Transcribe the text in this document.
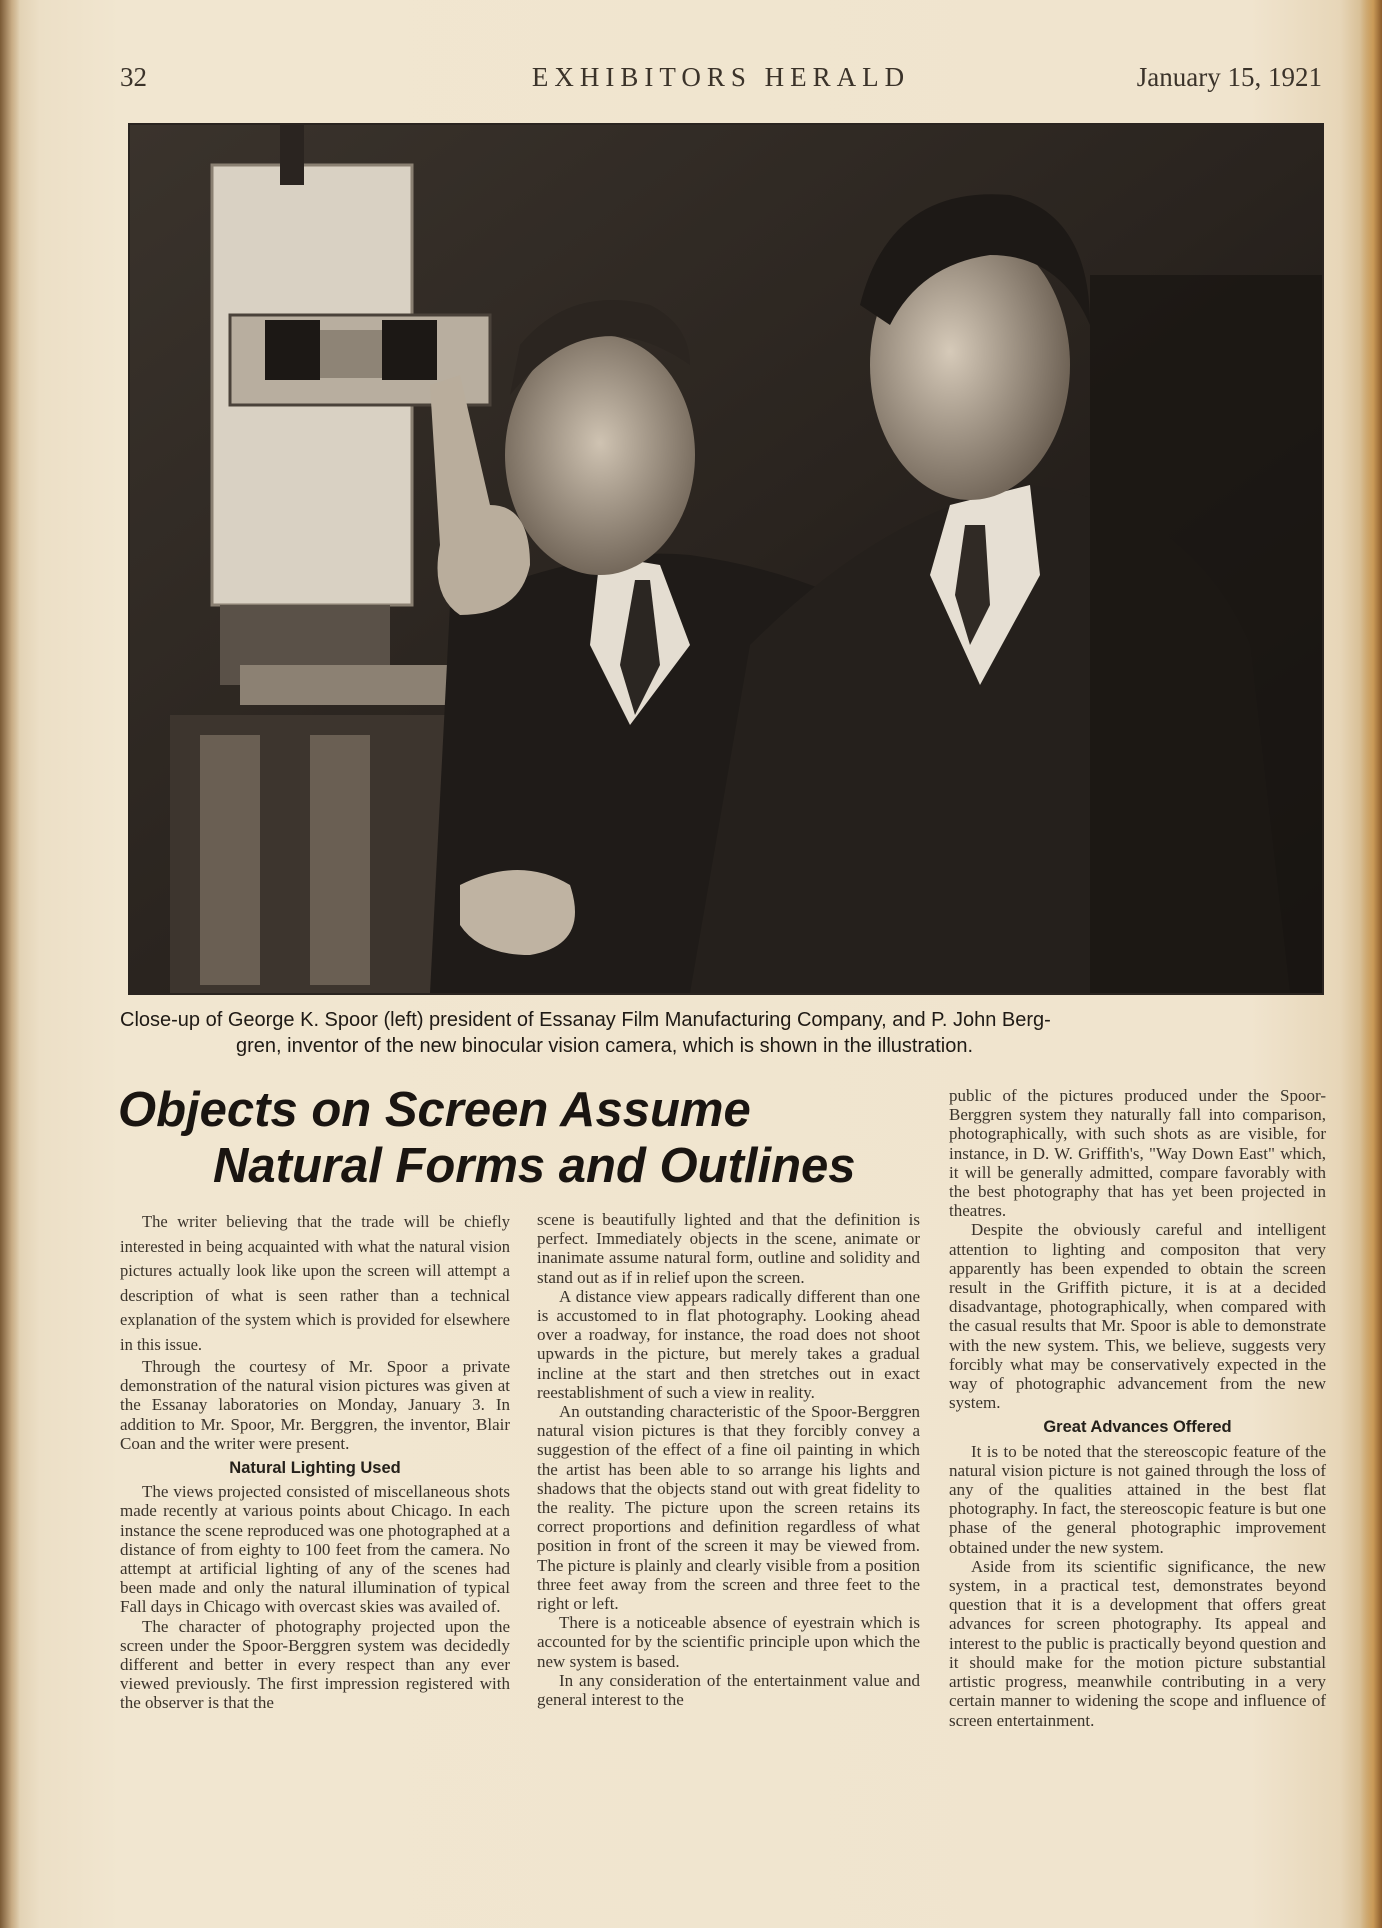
32	EXHIBITORS HERALD	January 15, 1921
Close-up of George K. Spoor (left) president of Essanay Film Manufacturing Company, and P. John Berg-
gren, inventor of the new binocular vision camera, which is shown in the illustration.
Objects on Screen Assume
Natural Forms and Outlines

The writer believing that the trade will be chiefly interested in being acquainted with what the natural vision pictures actually look like upon the screen will attempt a description of what is seen rather than a technical explanation of the system which is provided for elsewhere in this issue.

Through the courtesy of Mr. Spoor a private demonstration of the natural vision pictures was given at the Essanay laboratories on Monday, January 3. In addition to Mr. Spoor, Mr. Berggren, the inventor, Blair Coan and the writer were present.

Natural Lighting Used

The views projected consisted of miscellaneous shots made recently at various points about Chicago. In each instance the scene reproduced was one photographed at a distance of from eighty to 100 feet from the camera. No attempt at artificial lighting of any of the scenes had been made and only the natural illumination of typical Fall days in Chicago with overcast skies was availed of.

The character of photography projected upon the screen under the Spoor-Berggren system was decidedly different and better in every respect than any ever viewed previously. The first impression registered with the observer is that the

scene is beautifully lighted and that the definition is perfect. Immediately objects in the scene, animate or inanimate assume natural form, outline and solidity and stand out as if in relief upon the screen.

A distance view appears radically different than one is accustomed to in flat photography. Looking ahead over a roadway, for instance, the road does not shoot upwards in the picture, but merely takes a gradual incline at the start and then stretches out in exact reestablishment of such a view in reality.

An outstanding characteristic of the Spoor-Berggren natural vision pictures is that they forcibly convey a suggestion of the effect of a fine oil painting in which the artist has been able to so arrange his lights and shadows that the objects stand out with great fidelity to the reality. The picture upon the screen retains its correct proportions and definition regardless of what position in front of the screen it may be viewed from. The picture is plainly and clearly visible from a position three feet away from the screen and three feet to the right or left.

There is a noticeable absence of eyestrain which is accounted for by the scientific principle upon which the new system is based.

In any consideration of the entertainment value and general interest to the

public of the pictures produced under the Spoor-Berggren system they naturally fall into comparison, photographically, with such shots as are visible, for instance, in D. W. Griffith's, "Way Down East" which, it will be generally admitted, compare favorably with the best photography that has yet been projected in theatres.

Despite the obviously careful and intelligent attention to lighting and compositon that very apparently has been expended to obtain the screen result in the Griffith picture, it is at a decided disadvantage, photographically, when compared with the casual results that Mr. Spoor is able to demonstrate with the new system. This, we believe, suggests very forcibly what may be conservatively expected in the way of photographic advancement from the new system.

Great Advances Offered

It is to be noted that the stereoscopic feature of the natural vision picture is not gained through the loss of any of the qualities attained in the best flat photography. In fact, the stereoscopic feature is but one phase of the general photographic improvement obtained under the new system.

Aside from its scientific significance, the new system, in a practical test, demonstrates beyond question that it is a development that offers great advances for screen photography. Its appeal and interest to the public is practically beyond question and it should make for the motion picture substantial artistic progress, meanwhile contributing in a very certain manner to widening the scope and influence of screen entertainment.
